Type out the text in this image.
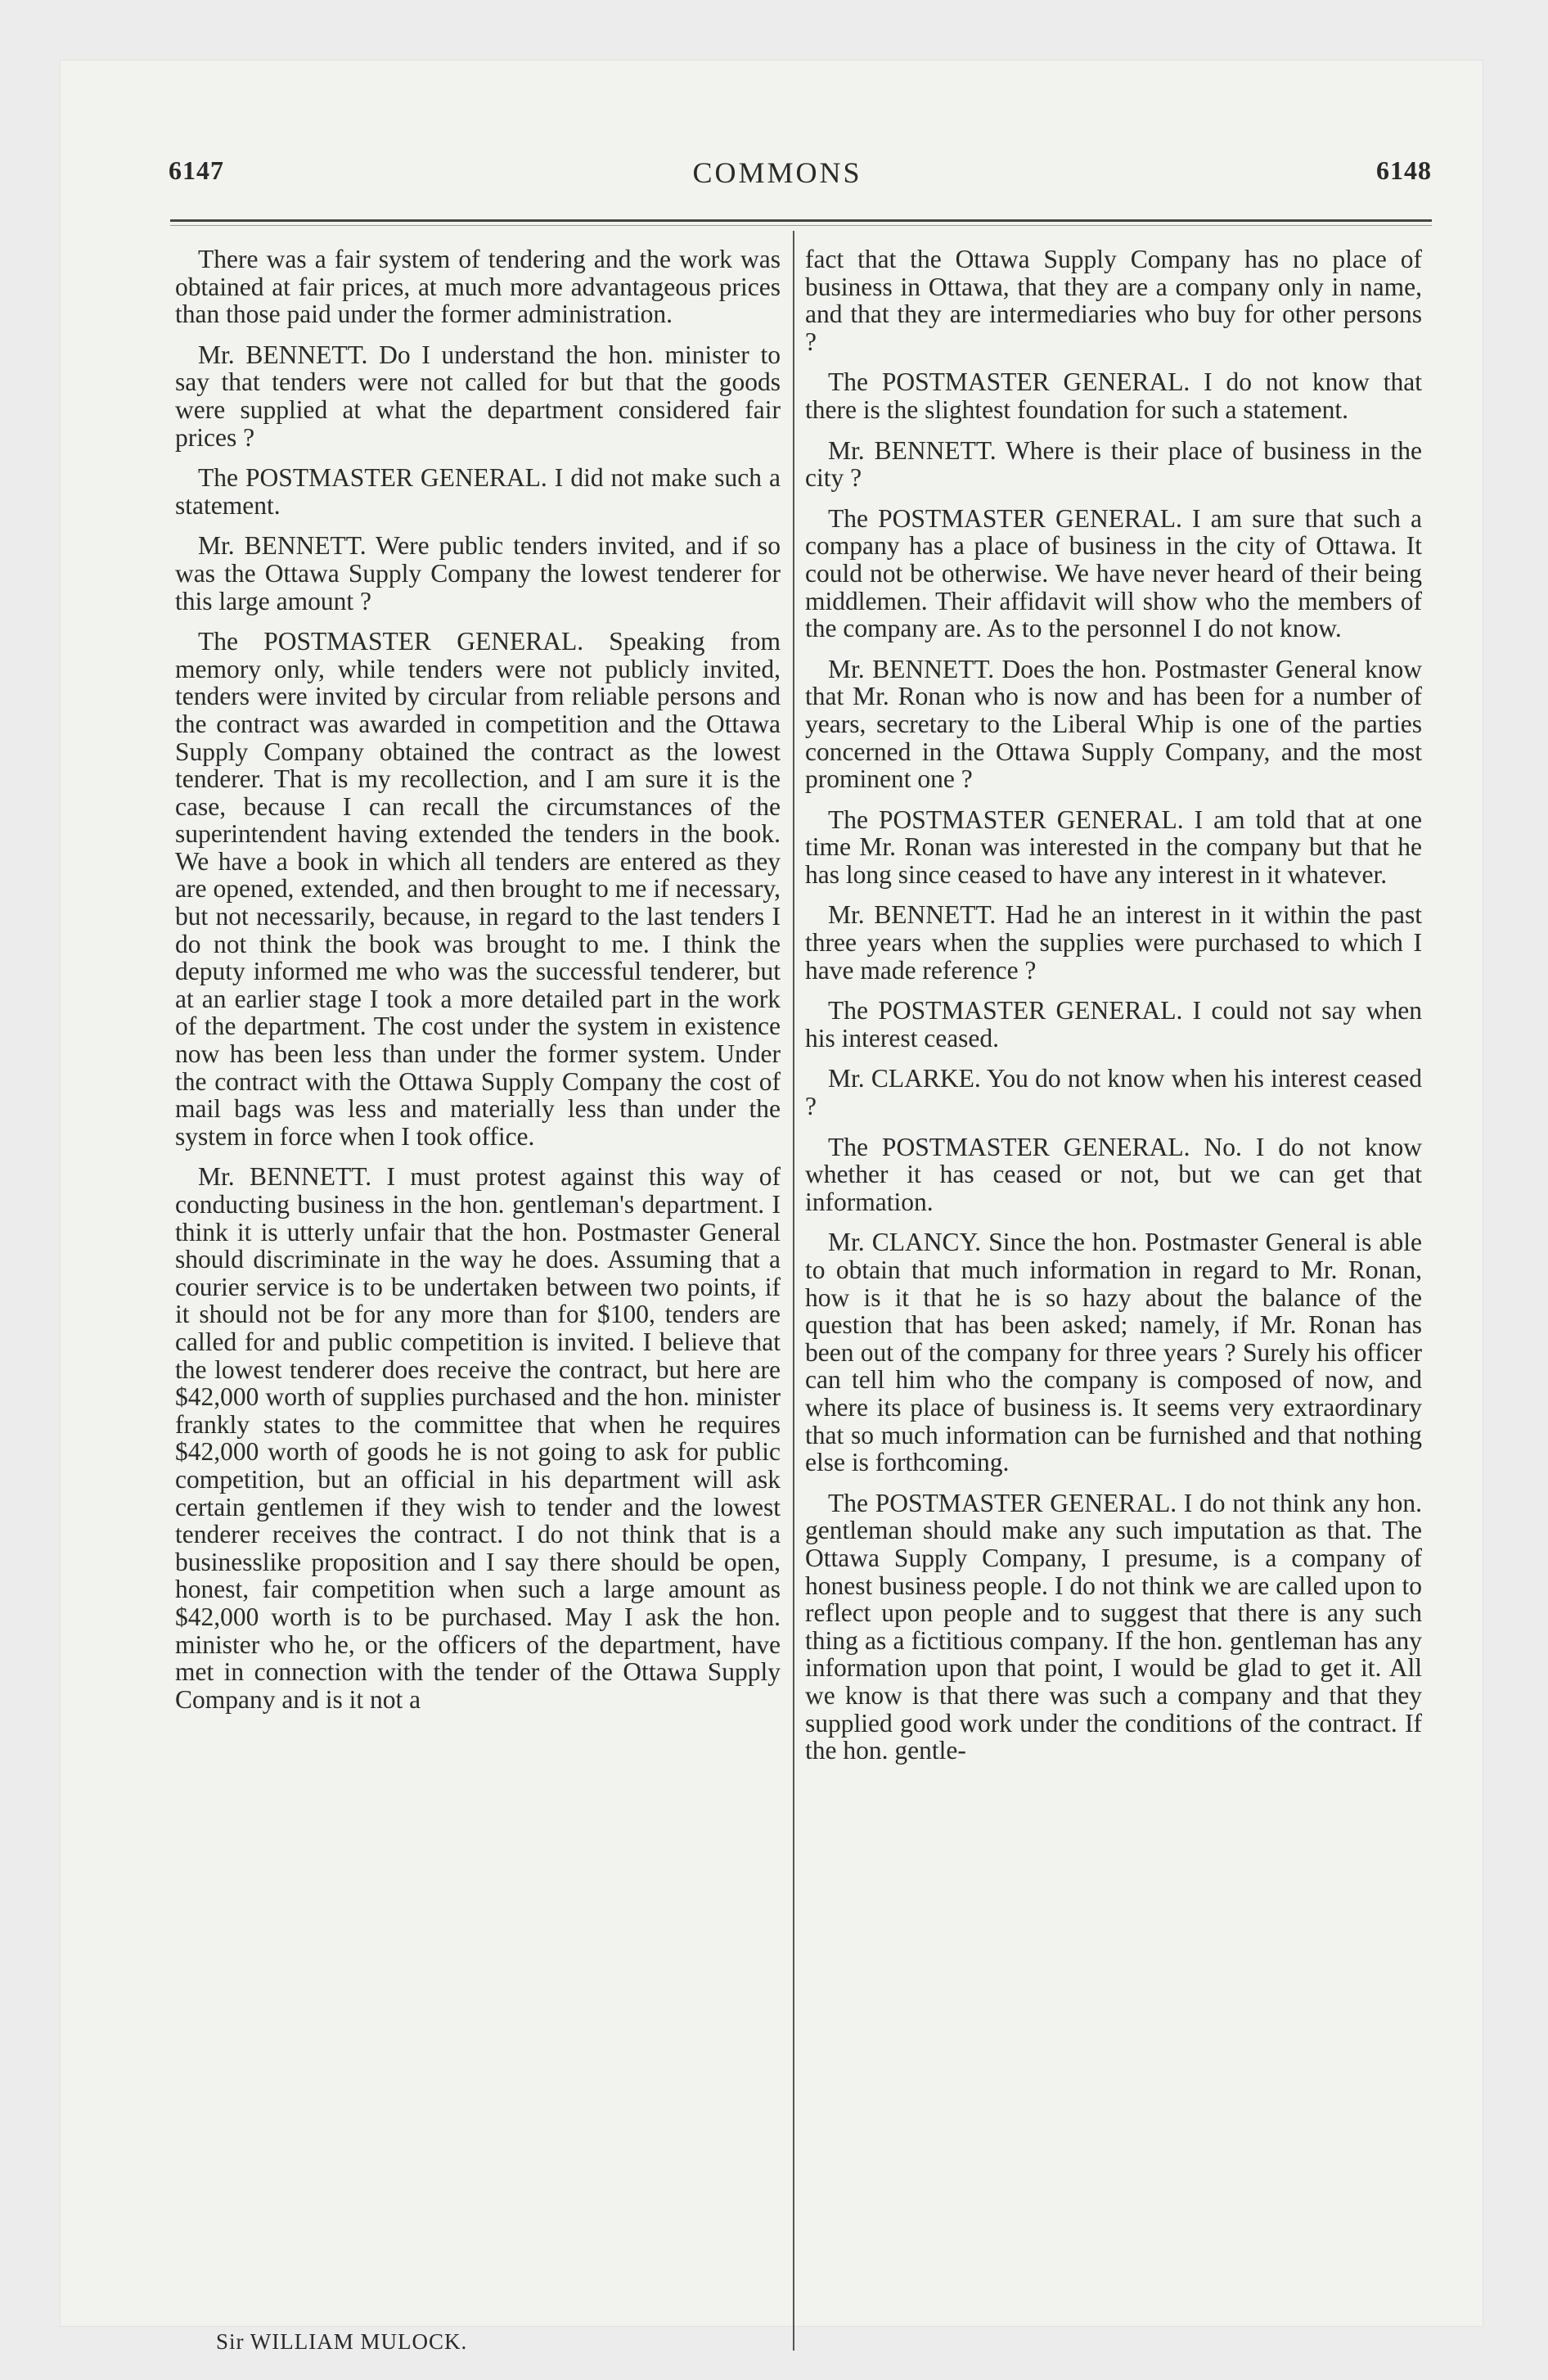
6147	COMMONS	6148

There was a fair system of tendering and the work was obtained at fair prices, at much more advantageous prices than those paid under the former administration.

Mr. BENNETT. Do I understand the hon. minister to say that tenders were not called for but that the goods were supplied at what the department considered fair prices ?

The POSTMASTER GENERAL. I did not make such a statement.

Mr. BENNETT. Were public tenders invited, and if so was the Ottawa Supply Company the lowest tenderer for this large amount ?

The POSTMASTER GENERAL. Speaking from memory only, while tenders were not publicly invited, tenders were invited by circular from reliable persons and the contract was awarded in competition and the Ottawa Supply Company obtained the contract as the lowest tenderer. That is my recollection, and I am sure it is the case, because I can recall the circumstances of the superintendent having extended the tenders in the book. We have a book in which all tenders are entered as they are opened, extended, and then brought to me if necessary, but not necessarily, because, in regard to the last tenders I do not think the book was brought to me. I think the deputy informed me who was the successful tenderer, but at an earlier stage I took a more detailed part in the work of the department. The cost under the system in existence now has been less than under the former system. Under the contract with the Ottawa Supply Company the cost of mail bags was less and materially less than under the system in force when I took office.

Mr. BENNETT. I must protest against this way of conducting business in the hon. gentleman's department. I think it is utterly unfair that the hon. Postmaster General should discriminate in the way he does. Assuming that a courier service is to be undertaken between two points, if it should not be for any more than for $100, tenders are called for and public competition is invited. I believe that the lowest tenderer does receive the contract, but here are $42,000 worth of supplies purchased and the hon. minister frankly states to the committee that when he requires $42,000 worth of goods he is not going to ask for public competition, but an official in his department will ask certain gentlemen if they wish to tender and the lowest tenderer receives the contract. I do not think that is a businesslike proposition and I say there should be open, honest, fair competition when such a large amount as $42,000 worth is to be purchased. May I ask the hon. minister who he, or the officers of the department, have met in connection with the tender of the Ottawa Supply Company and is it not a

fact that the Ottawa Supply Company has no place of business in Ottawa, that they are a company only in name, and that they are intermediaries who buy for other persons ?

The POSTMASTER GENERAL. I do not know that there is the slightest foundation for such a statement.

Mr. BENNETT. Where is their place of business in the city ?

The POSTMASTER GENERAL. I am sure that such a company has a place of business in the city of Ottawa. It could not be otherwise. We have never heard of their being middlemen. Their affidavit will show who the members of the company are. As to the personnel I do not know.

Mr. BENNETT. Does the hon. Postmaster General know that Mr. Ronan who is now and has been for a number of years, secretary to the Liberal Whip is one of the parties concerned in the Ottawa Supply Company, and the most prominent one ?

The POSTMASTER GENERAL. I am told that at one time Mr. Ronan was interested in the company but that he has long since ceased to have any interest in it whatever.

Mr. BENNETT. Had he an interest in it within the past three years when the supplies were purchased to which I have made reference ?

The POSTMASTER GENERAL. I could not say when his interest ceased.

Mr. CLARKE. You do not know when his interest ceased ?

The POSTMASTER GENERAL. No. I do not know whether it has ceased or not, but we can get that information.

Mr. CLANCY. Since the hon. Postmaster General is able to obtain that much information in regard to Mr. Ronan, how is it that he is so hazy about the balance of the question that has been asked; namely, if Mr. Ronan has been out of the company for three years ? Surely his officer can tell him who the company is composed of now, and where its place of business is. It seems very extraordinary that so much information can be furnished and that nothing else is forthcoming.

The POSTMASTER GENERAL. I do not think any hon. gentleman should make any such imputation as that. The Ottawa Supply Company, I presume, is a company of honest business people. I do not think we are called upon to reflect upon people and to suggest that there is any such thing as a fictitious company. If the hon. gentleman has any information upon that point, I would be glad to get it. All we know is that there was such a company and that they supplied good work under the conditions of the contract. If the hon. gentle-

Sir WILLIAM MULOCK.
